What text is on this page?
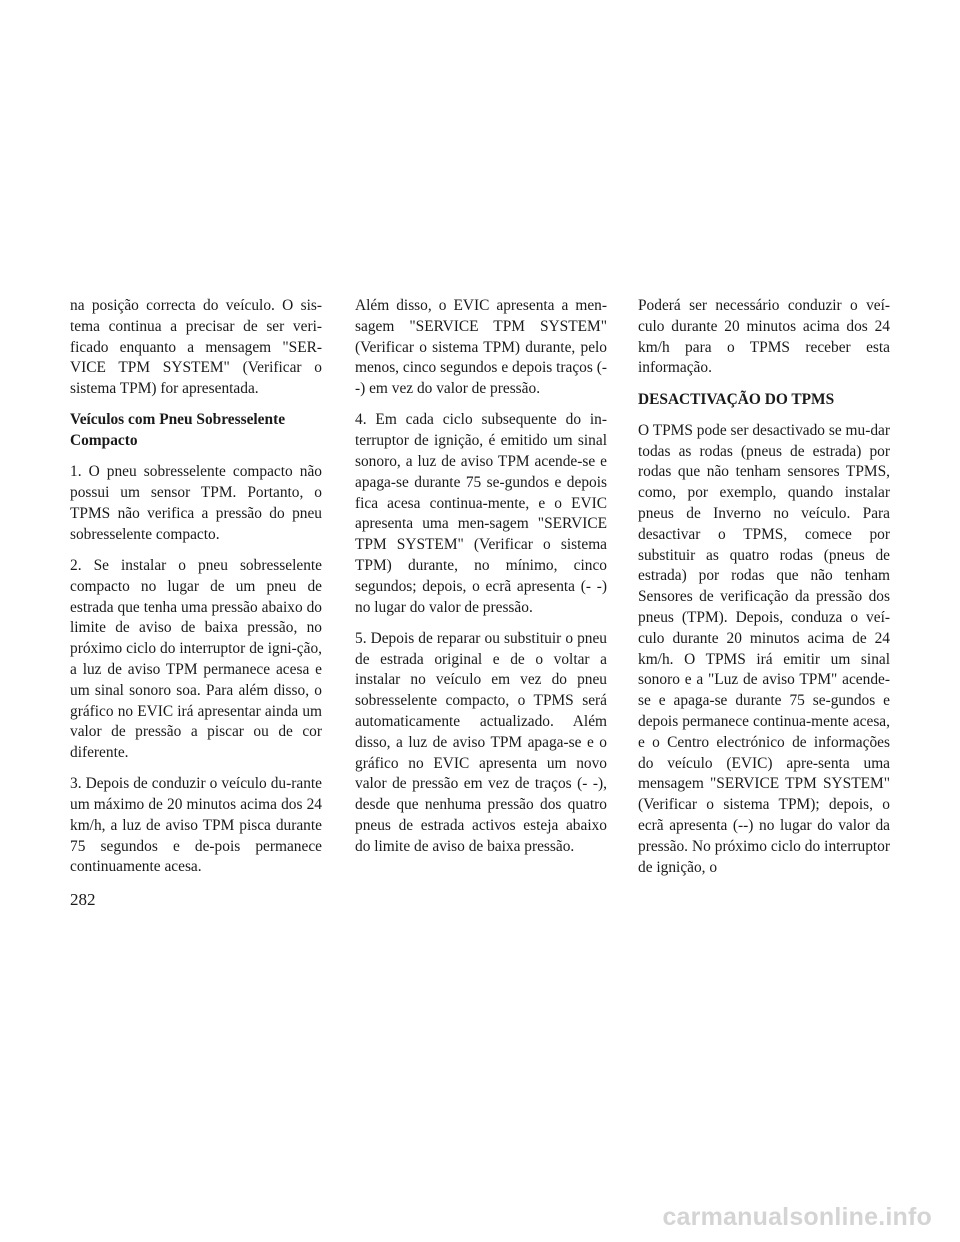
na posição correcta do veículo. O sis-tema continua a precisar de ser veri-ficado enquanto a mensagem "SER-VICE TPM SYSTEM" (Verificar o sistema TPM) for apresentada.

Veículos com Pneu Sobresselente Compacto

1. O pneu sobresselente compacto não possui um sensor TPM. Portanto, o TPMS não verifica a pressão do pneu sobresselente compacto.

2. Se instalar o pneu sobresselente compacto no lugar de um pneu de estrada que tenha uma pressão abaixo do limite de aviso de baixa pressão, no próximo ciclo do interruptor de igni-ção, a luz de aviso TPM permanece acesa e um sinal sonoro soa. Para além disso, o gráfico no EVIC irá apresentar ainda um valor de pressão a piscar ou de cor diferente.

3. Depois de conduzir o veículo du-rante um máximo de 20 minutos acima dos 24 km/h, a luz de aviso TPM pisca durante 75 segundos e de-pois permanece continuamente acesa.

Além disso, o EVIC apresenta a men-sagem "SERVICE TPM SYSTEM" (Verificar o sistema TPM) durante, pelo menos, cinco segundos e depois traços (- -) em vez do valor de pressão.

4. Em cada ciclo subsequente do in-terruptor de ignição, é emitido um sinal sonoro, a luz de aviso TPM acende-se e apaga-se durante 75 se-gundos e depois fica acesa continua-mente, e o EVIC apresenta uma men-sagem "SERVICE TPM SYSTEM" (Verificar o sistema TPM) durante, no mínimo, cinco segundos; depois, o ecrã apresenta (- -) no lugar do valor de pressão.

5. Depois de reparar ou substituir o pneu de estrada original e de o voltar a instalar no veículo em vez do pneu sobresselente compacto, o TPMS será automaticamente actualizado. Além disso, a luz de aviso TPM apaga-se e o gráfico no EVIC apresenta um novo valor de pressão em vez de traços (- -), desde que nenhuma pressão dos quatro pneus de estrada activos esteja abaixo do limite de aviso de baixa pressão.

Poderá ser necessário conduzir o veí-culo durante 20 minutos acima dos 24 km/h para o TPMS receber esta informação.

DESACTIVAÇÃO DO TPMS

O TPMS pode ser desactivado se mu-dar todas as rodas (pneus de estrada) por rodas que não tenham sensores TPMS, como, por exemplo, quando instalar pneus de Inverno no veículo. Para desactivar o TPMS, comece por substituir as quatro rodas (pneus de estrada) por rodas que não tenham Sensores de verificação da pressão dos pneus (TPM). Depois, conduza o veí-culo durante 20 minutos acima de 24 km/h. O TPMS irá emitir um sinal sonoro e a "Luz de aviso TPM" acende-se e apaga-se durante 75 se-gundos e depois permanece continua-mente acesa, e o Centro electrónico de informações do veículo (EVIC) apre-senta uma mensagem "SERVICE TPM SYSTEM" (Verificar o sistema TPM); depois, o ecrã apresenta (--) no lugar do valor da pressão. No próximo ciclo do interruptor de ignição, o

282
carmanualsonline.info
